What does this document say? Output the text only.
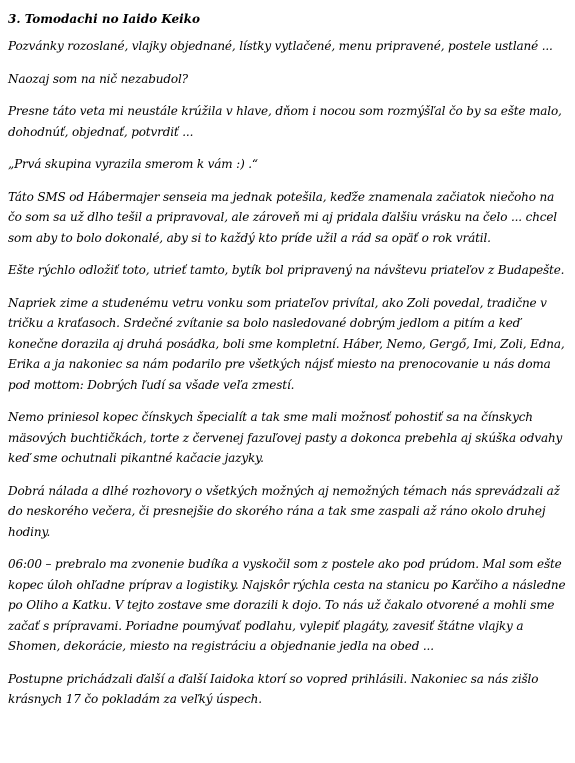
3. Tomodachi no Iaido Keiko

Pozvánky rozoslané, vlajky objednané, lístky vytlačené, menu pripravené, postele ustlané ...

Naozaj som na nič nezabudol?

Presne táto veta mi neustále krúžila v hlave, dňom i nocou som rozmýšľal čo by sa ešte malo, dohodnúť, objednať, potvrdiť ...

„Prvá skupina vyrazila smerom k vám :) .“

Táto SMS od Hábermajer senseia ma jednak potešila, keďže znamenala začiatok niečoho na čo som sa už dlho tešil a pripravoval, ale zároveň mi aj pridala ďalšiu vrásku na čelo ... chcel som aby to bolo dokonalé, aby si to každý kto príde užil a rád sa opäť o rok vrátil.

Ešte rýchlo odložiť toto, utrieť tamto, bytík bol pripravený na návštevu priateľov z Budapešte.

Napriek zime a studenému vetru vonku som priateľov privítal, ako Zoli povedal, tradične v tričku a kraťasoch. Srdečné zvítanie sa bolo nasledované dobrým jedlom a pitím a keď konečne dorazila aj druhá posádka, boli sme kompletní. Háber, Nemo, Gergő, Imi, Zoli, Edna, Erika a ja nakoniec sa nám podarilo pre všetkých nájsť miesto na prenocovanie u nás doma pod mottom: Dobrých ľudí sa všade veľa zmestí.

Nemo priniesol kopec čínskych špecialít a tak sme mali možnosť pohostiť sa na čínskych mäsových buchtičkách, torte z červenej fazuľovej pasty a dokonca prebehla aj skúška odvahy keď sme ochutnali pikantné kačacie jazyky.

Dobrá nálada a dlhé rozhovory o všetkých možných aj nemožných témach nás sprevádzali až do neskorého večera, či presnejšie do skorého rána a tak sme zaspali až ráno okolo druhej hodiny.

06:00 – prebralo ma zvonenie budíka a vyskočil som z postele ako pod prúdom. Mal som ešte kopec úloh ohľadne príprav a logistiky. Najskôr rýchla cesta na stanicu po Karčiho a následne po Oliho a Katku. V tejto zostave sme dorazili k dojo. To nás už čakalo otvorené a mohli sme začať s prípravami. Poriadne poumývať podlahu, vylepiť plagáty, zavesiť štátne vlajky a Shomen, dekorácie, miesto na registráciu a objednanie jedla na obed ...

Postupne prichádzali ďalší a ďalší Iaidoka ktorí so vopred prihlásili. Nakoniec sa nás zišlo krásnych 17 čo pokladám za veľký úspech.
